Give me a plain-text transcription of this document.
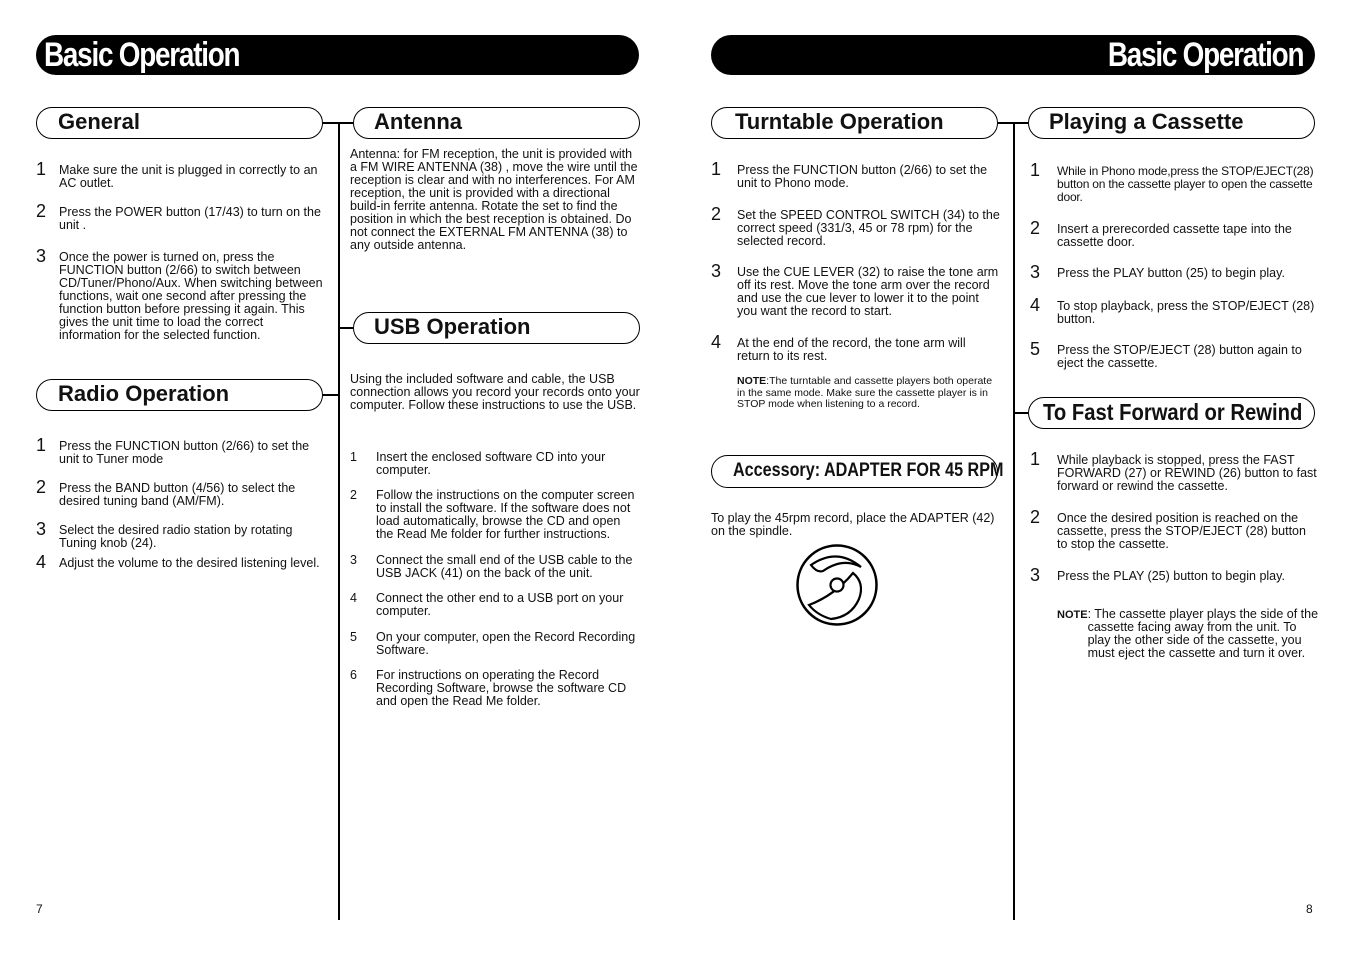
Basic Operation
General
1 Make sure the unit is plugged in correctly to an AC outlet.
2 Press the POWER button (17/43) to turn on the unit .
3 Once the power is turned on, press the FUNCTION button (2/66) to switch between CD/Tuner/Phono/Aux. When switching between functions, wait one second after pressing the function button before pressing it again. This gives the unit time to load the correct information for the selected function.
Radio Operation
1 Press the FUNCTION button (2/66) to set the unit to Tuner mode
2 Press the BAND button (4/56) to select the desired tuning band (AM/FM).
3 Select the desired radio station by rotating Tuning knob (24).
4 Adjust the volume to the desired listening level.
Antenna
Antenna: for FM reception, the unit is provided with a FM WIRE ANTENNA (38) , move the wire until the reception is clear and with no interferences. For AM reception, the unit is provided with a directional build-in ferrite antenna. Rotate the set to find the position in which the best reception is obtained. Do not connect the EXTERNAL FM ANTENNA (38) to any outside antenna.
USB Operation
Using the included software and cable, the USB connection allows you record your records onto your computer. Follow these instructions to use the USB.
1 Insert the enclosed software CD into your computer.
2 Follow the instructions on the computer screen to install the software. If the software does not load automatically, browse the CD and open the Read Me folder for further instructions.
3 Connect the small end of the USB cable to the USB JACK (41) on the back of the unit.
4 Connect the other end to a USB port on your computer.
5 On your computer, open the Record Recording Software.
6 For instructions on operating the Record Recording Software, browse the software CD and open the Read Me folder.
7
Basic Operation
Turntable Operation
1 Press the FUNCTION button (2/66) to set the unit to Phono mode.
2 Set the SPEED CONTROL SWITCH (34) to the correct speed (331/3, 45 or 78 rpm) for the selected record.
3 Use the CUE LEVER (32) to raise the tone arm off its rest. Move the tone arm over the record and use the cue lever to lower it to the point you want the record to start.
4 At the end of the record, the tone arm will return to its rest.
NOTE:The turntable and cassette players both operate in the same mode. Make sure the cassette player is in STOP mode when listening to a record.
Accessory: ADAPTER FOR 45 RPM
To play the 45rpm record, place the ADAPTER (42) on the spindle.
Playing a Cassette
1 While in Phono mode,press the STOP/EJECT(28) button on the cassette player to open the cassette door.
2 Insert a prerecorded cassette tape into the cassette door.
3 Press the PLAY button (25) to begin play.
4 To stop playback, press the STOP/EJECT (28) button.
5 Press the STOP/EJECT (28) button again to eject the cassette.
To Fast Forward or Rewind
1 While playback is stopped, press the FAST FORWARD (27) or REWIND (26) button to fast forward or rewind the cassette.
2 Once the desired position is reached on the cassette, press the STOP/EJECT (28) button to stop the cassette.
3 Press the PLAY (25) button to begin play.
NOTE : The cassette player plays the side of the cassette facing away from the unit. To play the other side of the cassette, you must eject the cassette and turn it over.
8
